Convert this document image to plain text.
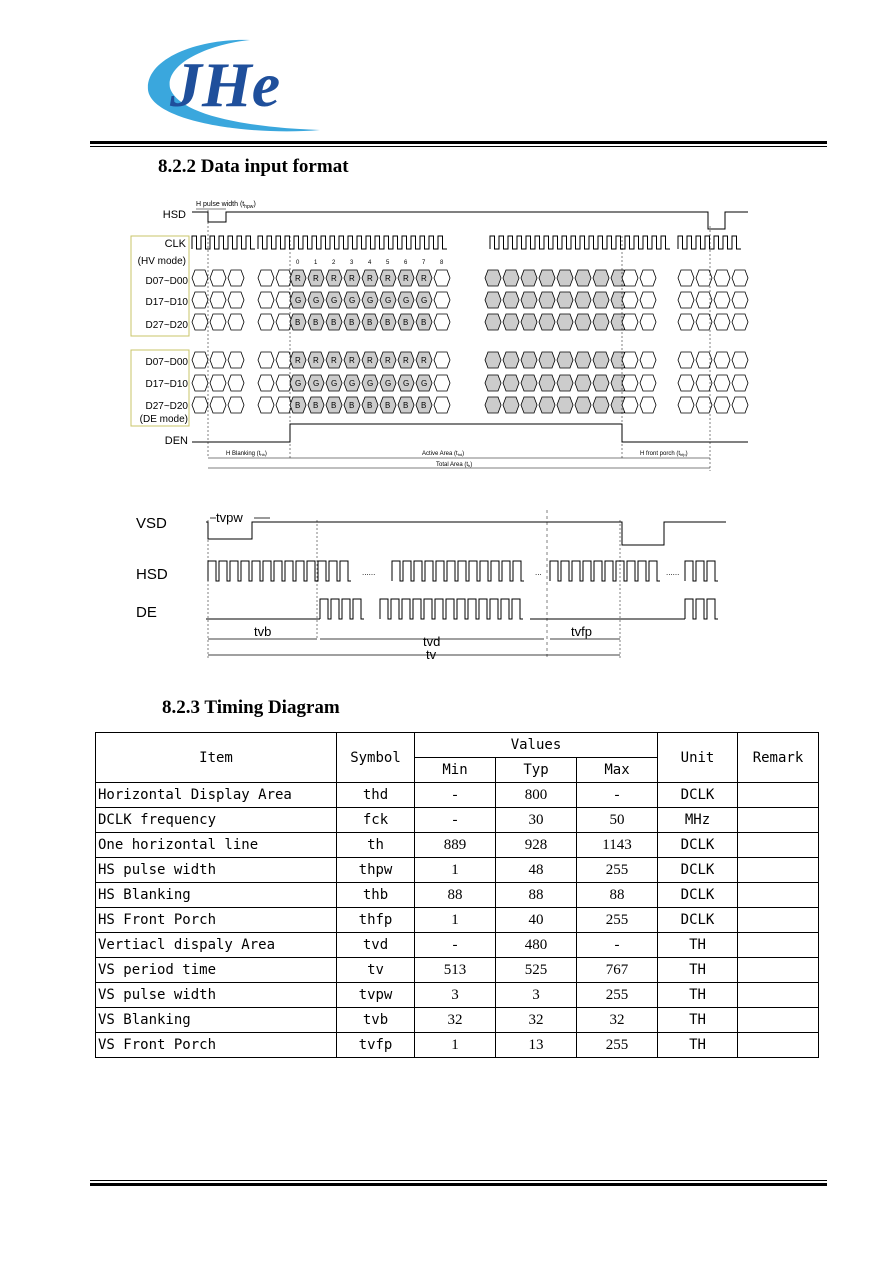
JHe
8.2.2 Data input format
H pulse width $(t_{hpw})$
HSD
CLK
(HV mode)
D07~D00
D17~D10
D27~D20
D07~D00
D17~D10
D27~D20
(DE mode)
DEN
0 1 2 3 4 5 6 7 8
R R R R R R R R
G G G G G G G G
B B B B B B B B
R R R R R R R R
G G G G G G G G
B B B B B B B B
H Blanking (thb)	Active Area (thd)	H front porch (thfp)
Total Area (th)
VSD
HSD
DE
tvpw
......	...	......
tvb
tvd
tvfp
tv
8.2.3 Timing Diagram
Item	Symbol	Values			Unit	Remark
		Min	Typ	Max		
Horizontal Display Area	thd	-	800	-	DCLK	
DCLK frequency	fck	-	30	50	MHz	
One horizontal line	th	889	928	1143	DCLK	
HS pulse width	thpw	1	48	255	DCLK	
HS Blanking	thb	88	88	88	DCLK	
HS Front Porch	thfp	1	40	255	DCLK	
Vertiacl dispaly Area	tvd	-	480	-	TH	
VS period time	tv	513	525	767	TH	
VS pulse width	tvpw	3	3	255	TH	
VS Blanking	tvb	32	32	32	TH	
VS Front Porch	tvfp	1	13	255	TH	
